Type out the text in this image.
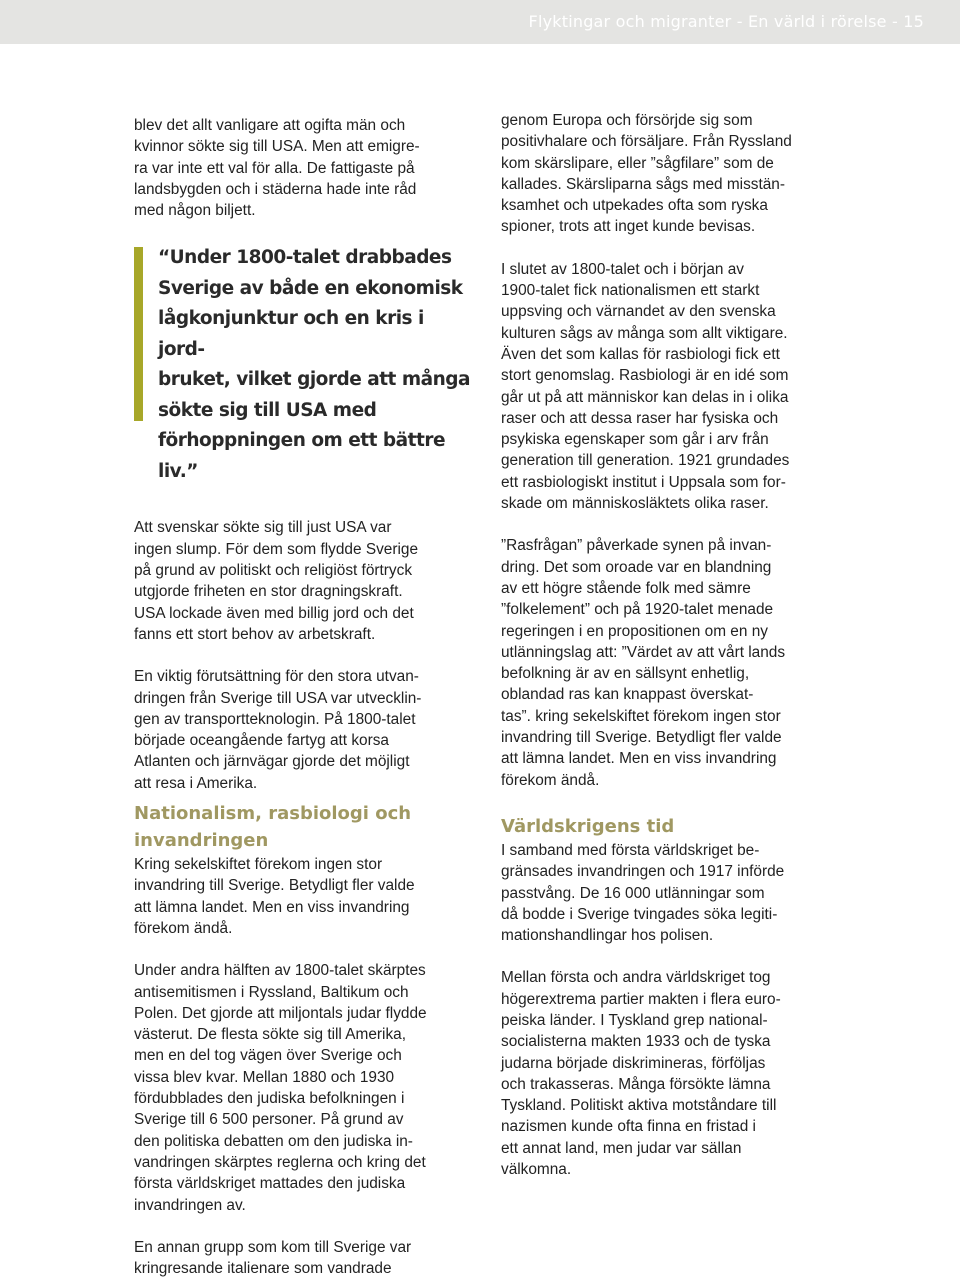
Flyktingar och migranter - En värld i rörelse - 15

blev det allt vanligare att ogifta män och
kvinnor sökte sig till USA. Men att emigre-
ra var inte ett val för alla. De fattigaste på
landsbygden och i städerna hade inte råd
med någon biljett.

“Under 1800-talet drabbades
Sverige av både en ekonomisk
lågkonjunktur och en kris i jord-
bruket, vilket gjorde att många
sökte sig till USA med
förhoppningen om ett bättre liv.”

Att svenskar sökte sig till just USA var
ingen slump. För dem som flydde Sverige
på grund av politiskt och religiöst förtryck
utgjorde friheten en stor dragningskraft.
USA lockade även med billig jord och det
fanns ett stort behov av arbetskraft.

En viktig förutsättning för den stora utvan-
dringen från Sverige till USA var utvecklin-
gen av transportteknologin. På 1800-talet
började oceangående fartyg att korsa
Atlanten och järnvägar gjorde det möjligt
att resa i Amerika.

Nationalism, rasbiologi och
invandringen

Kring sekelskiftet förekom ingen stor
invandring till Sverige. Betydligt fler valde
att lämna landet. Men en viss invandring
förekom ändå.

Under andra hälften av 1800-talet skärptes
antisemitismen i Ryssland, Baltikum och
Polen. Det gjorde att miljontals judar flydde
västerut. De flesta sökte sig till Amerika,
men en del tog vägen över Sverige och
vissa blev kvar. Mellan 1880 och 1930
fördubblades den judiska befolkningen i
Sverige till 6 500 personer. På grund av
den politiska debatten om den judiska in-
vandringen skärptes reglerna och kring det
första världskriget mattades den judiska
invandringen av.

En annan grupp som kom till Sverige var
kringresande italienare som vandrade

genom Europa och försörjde sig som
positivhalare och försäljare. Från Ryssland
kom skärslipare, eller ”sågfilare” som de
kallades. Skärsliparna sågs med misstän-
ksamhet och utpekades ofta som ryska
spioner, trots att inget kunde bevisas.

I slutet av 1800-talet och i början av
1900-talet fick nationalismen ett starkt
uppsving och värnandet av den svenska
kulturen sågs av många som allt viktigare.
Även det som kallas för rasbiologi fick ett
stort genomslag. Rasbiologi är en idé som
går ut på att människor kan delas in i olika
raser och att dessa raser har fysiska och
psykiska egenskaper som går i arv från
generation till generation. 1921 grundades
ett rasbiologiskt institut i Uppsala som for-
skade om människosläktets olika raser.

”Rasfrågan” påverkade synen på invan-
dring. Det som oroade var en blandning
av ett högre stående folk med sämre
”folkelement” och på 1920-talet menade
regeringen i en propositionen om en ny
utlänningslag att: ”Värdet av att vårt lands
befolkning är av en sällsynt enhetlig,
oblandad ras kan knappast överskat-
tas”. kring sekelskiftet förekom ingen stor
invandring till Sverige. Betydligt fler valde
att lämna landet. Men en viss invandring
förekom ändå.

Världskrigens tid

I samband med första världskriget be-
gränsades invandringen och 1917 införde
passtvång. De 16 000 utlänningar som
då bodde i Sverige tvingades söka legiti-
mationshandlingar hos polisen.

Mellan första och andra världskriget tog
högerextrema partier makten i flera euro-
peiska länder. I Tyskland grep national-
socialisterna makten 1933 och de tyska
judarna började diskrimineras, förföljas
och trakasseras. Många försökte lämna
Tyskland. Politiskt aktiva motståndare till
nazismen kunde ofta finna en fristad i
ett annat land, men judar var sällan
välkomna.
